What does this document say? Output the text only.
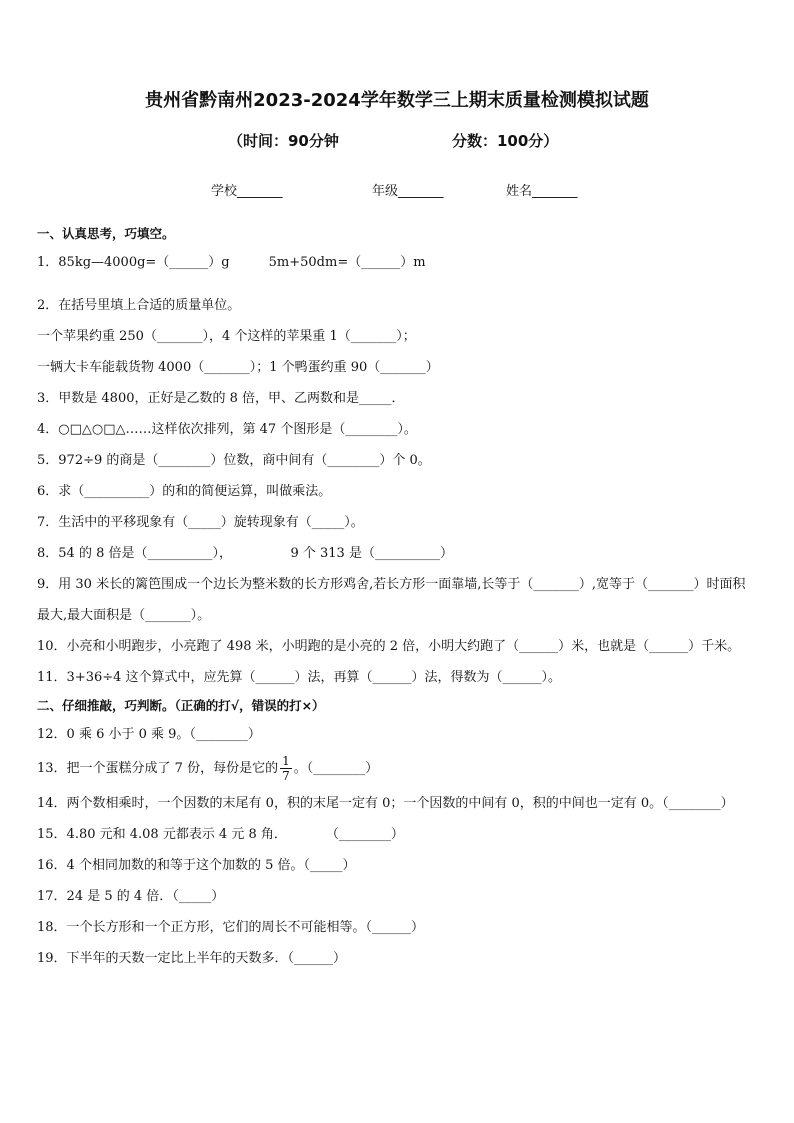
贵州省黔南州2023-2024学年数学三上期末质量检测模拟试题
（时间：90分钟	分数：100分）
学校_______	年级_______	姓名_______
一、认真思考，巧填空。
1．85kg—4000g=（______）g　　　5m+50dm=（______）m
2．在括号里填上合适的质量单位。
一个苹果约重 250（_______），4 个这样的苹果重 1（_______）；
一辆大卡车能载货物 4000（_______）；1 个鸭蛋约重 90（_______）
3．甲数是 4800，正好是乙数的 8 倍，甲、乙两数和是_____．
4．○□△○□△……这样依次排列，第 47 个图形是（________）。
5．972÷9 的商是（________）位数，商中间有（________）个 0。
6．求（__________）的和的简便运算，叫做乘法。
7．生活中的平移现象有（_____）旋转现象有（_____）。
8．54 的 8 倍是（__________），　　　　　9 个 313 是（__________）
9．用 30 米长的篱笆围成一个边长为整米数的长方形鸡舍,若长方形一面靠墙,长等于（_______）,宽等于（_______）时面积最大,最大面积是（_______）。
10．小亮和小明跑步，小亮跑了 498 米，小明跑的是小亮的 2 倍，小明大约跑了（______）米，也就是（______）千米。
11．3+36÷4 这个算式中，应先算（______）法，再算（______）法，得数为（______）。
二、仔细推敲，巧判断。（正确的打√，错误的打×）
12．0 乘 6 小于 0 乘 9。（________）
13．把一个蛋糕分成了 7 份，每份是它的 $\frac{1}{7}$ 。（________）
14．两个数相乘时，一个因数的末尾有 0，积的末尾一定有 0；一个因数的中间有 0，积的中间也一定有 0。（________）
15．4.80 元和 4.08 元都表示 4 元 8 角．　　　　（________）
16．4 个相同加数的和等于这个加数的 5 倍。（_____）
17．24 是 5 的 4 倍．（_____）
18．一个长方形和一个正方形，它们的周长不可能相等。（______）
19．下半年的天数一定比上半年的天数多．（______）
